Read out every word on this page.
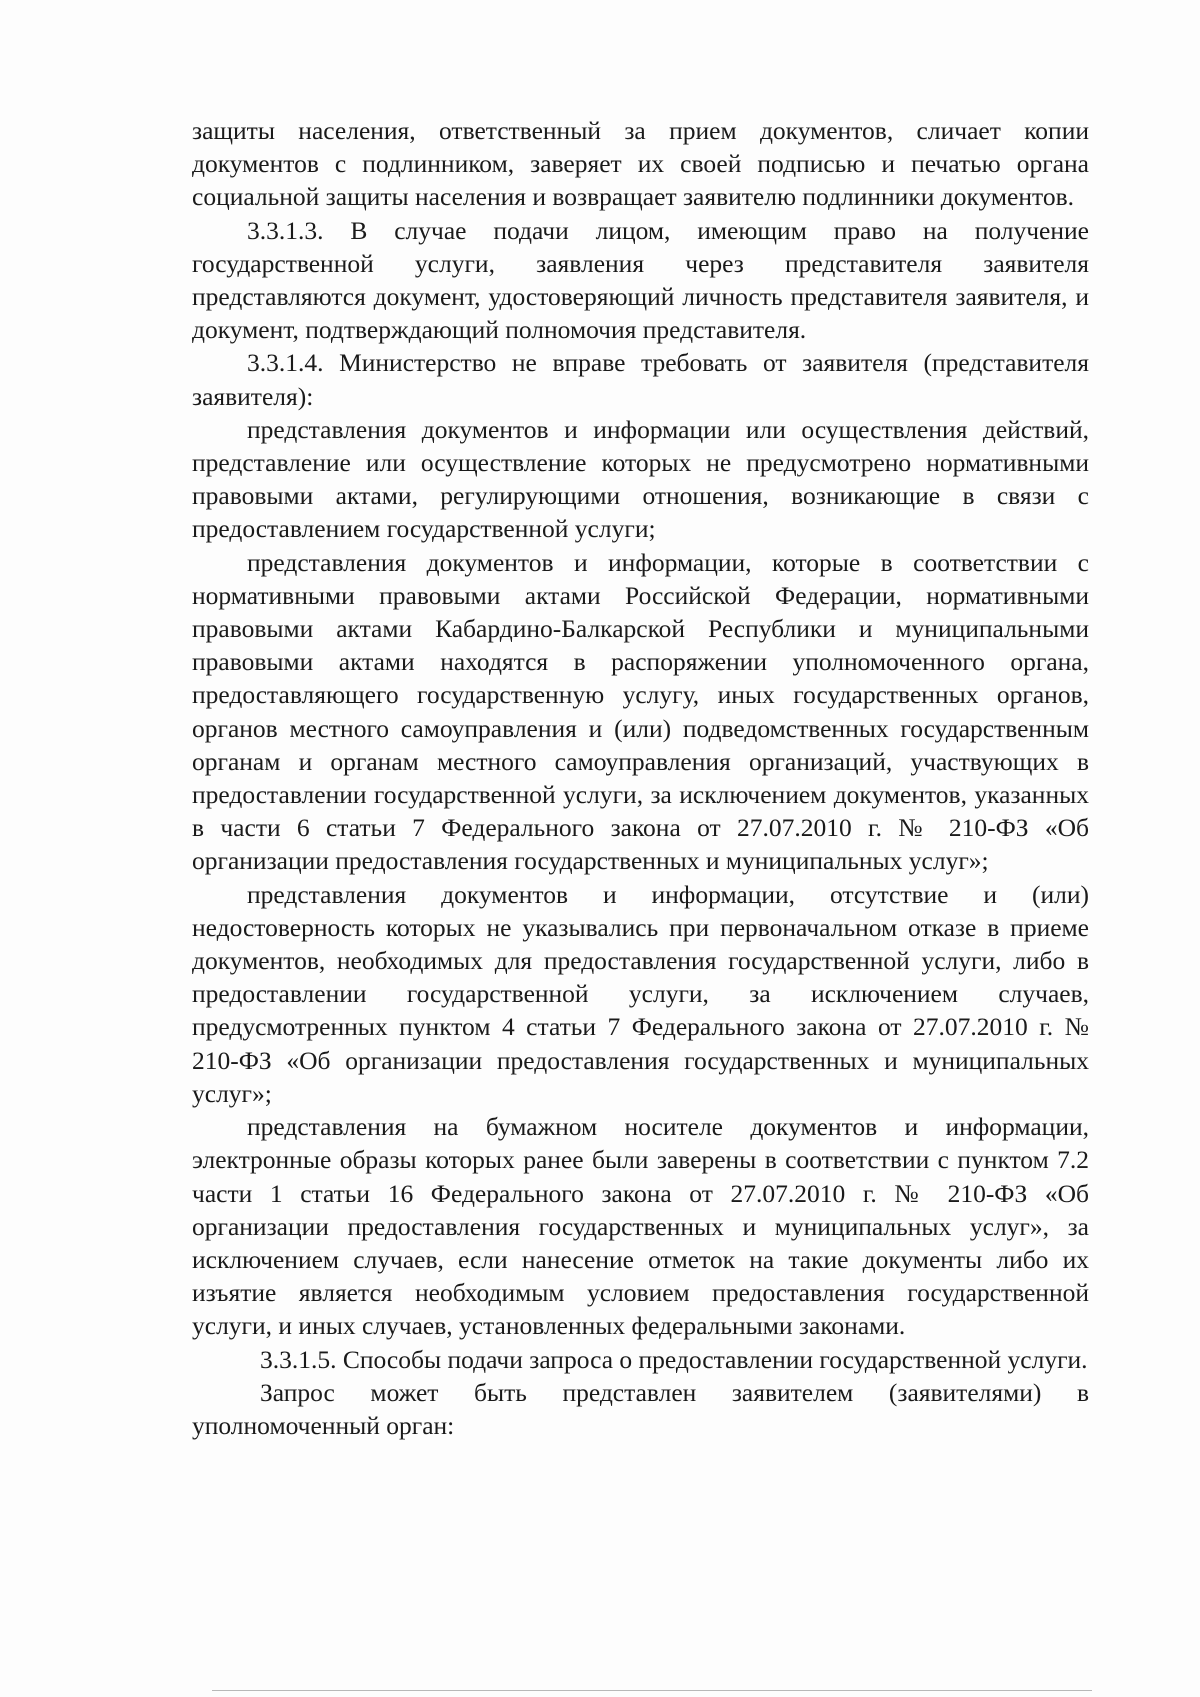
защиты населения, ответственный за прием документов, сличает копии документов с подлинником, заверяет их своей подписью и печатью органа социальной защиты населения и возвращает заявителю подлинники документов.

3.3.1.3. В случае подачи лицом, имеющим право на получение государственной услуги, заявления через представителя заявителя представляются документ, удостоверяющий личность представителя заявителя, и документ, подтверждающий полномочия представителя.

3.3.1.4. Министерство не вправе требовать от заявителя (представителя заявителя):

представления документов и информации или осуществления действий, представление или осуществление которых не предусмотрено нормативными правовыми актами, регулирующими отношения, возникающие в связи с предоставлением государственной услуги;

представления документов и информации, которые в соответствии с нормативными правовыми актами Российской Федерации, нормативными правовыми актами Кабардино-Балкарской Республики и муниципальными правовыми актами находятся в распоряжении уполномоченного органа, предоставляющего государственную услугу, иных государственных органов, органов местного самоуправления и (или) подведомственных государственным органам и органам местного самоуправления организаций, участвующих в предоставлении государственной услуги, за исключением документов, указанных в части 6 статьи 7 Федерального закона от 27.07.2010 г. № 210-ФЗ «Об организации предоставления государственных и муниципальных услуг»;

представления документов и информации, отсутствие и (или) недостоверность которых не указывались при первоначальном отказе в приеме документов, необходимых для предоставления государственной услуги, либо в предоставлении государственной услуги, за исключением случаев, предусмотренных пунктом 4 статьи 7 Федерального закона от 27.07.2010 г. № 210-ФЗ «Об организации предоставления государственных и муниципальных услуг»;

представления на бумажном носителе документов и информации, электронные образы которых ранее были заверены в соответствии с пунктом 7.2 части 1 статьи 16 Федерального закона от 27.07.2010 г. № 210-ФЗ «Об организации предоставления государственных и муниципальных услуг», за исключением случаев, если нанесение отметок на такие документы либо их изъятие является необходимым условием предоставления государственной услуги, и иных случаев, установленных федеральными законами.

3.3.1.5. Способы подачи запроса о предоставлении государственной услуги.

Запрос может быть представлен заявителем (заявителями) в уполномоченный орган:
